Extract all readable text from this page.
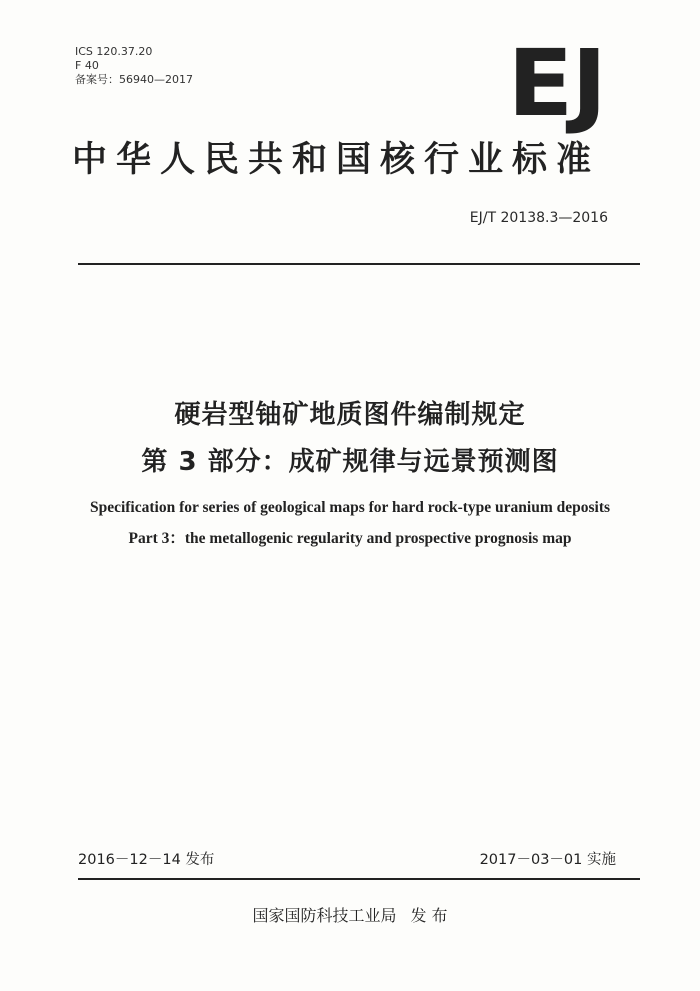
ICS 120.37.20
F 40
备案号：56940—2017	EJ
中华人民共和国核行业标准
EJ/T 20138.3—2016
硬岩型铀矿地质图件编制规定
第 3 部分：成矿规律与远景预测图
Specification for series of geological maps for hard rock-type uranium deposits
Part 3：the metallogenic regularity and prospective prognosis map
2016－12－14 发布	2017－03－01 实施
国家国防科技工业局 发 布
